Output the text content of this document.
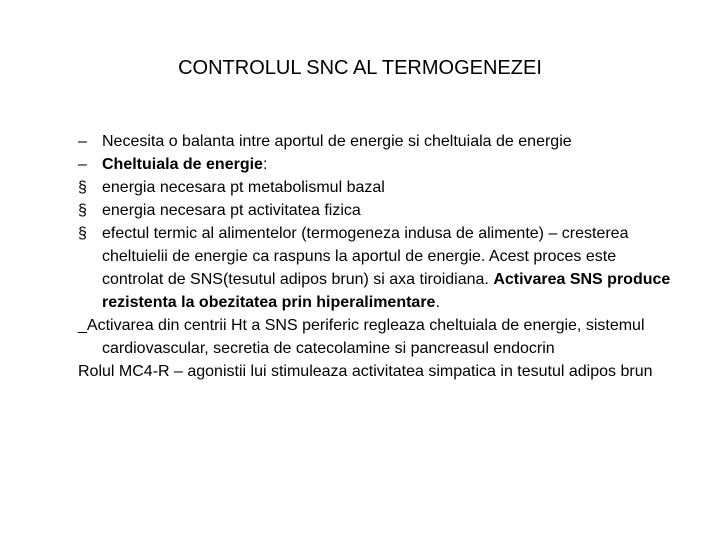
CONTROLUL SNC AL TERMOGENEZEI
– Necesita o balanta intre aportul de energie si cheltuiala de energie
– Cheltuiala de energie:
§ energia necesara pt metabolismul bazal
§ energia necesara pt activitatea fizica
§ efectul termic al alimentelor (termogeneza indusa de alimente) – cresterea cheltuielii de energie ca raspuns la aportul de energie. Acest proces este controlat de SNS(tesutul adipos brun) si axa tiroidiana. Activarea SNS produce rezistenta la obezitatea prin hiperalimentare.
_Activarea din centrii Ht a SNS periferic regleaza cheltuiala de energie, sistemul cardiovascular, secretia de catecolamine si pancreasul endocrin
Rolul MC4-R – agonistii lui stimuleaza activitatea simpatica in tesutul adipos brun
